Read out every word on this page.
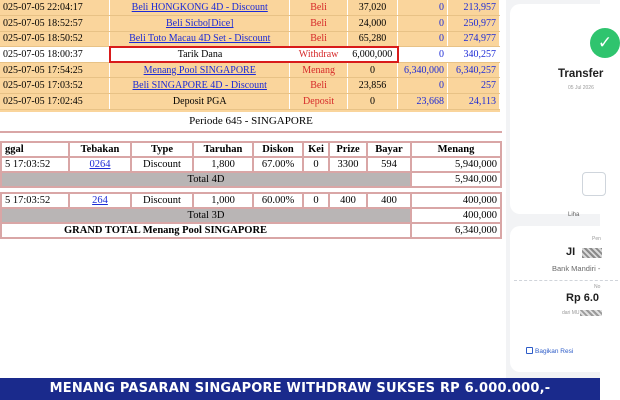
025-07-05 22:04:17	Beli HONGKONG 4D - Discount	Beli	37,020	0	213,957
025-07-05 18:52:57	Beli Sicbo[Dice]	Beli	24,000	0	250,977
025-07-05 18:50:52	Beli Toto Macau 4D Set - Discount	Beli	65,280	0	274,977
025-07-05 18:00:37	Tarik Dana	Withdraw	6,000,000	0	340,257
025-07-05 17:54:25	Menang Pool SINGAPORE	Menang	0	6,340,000	6,340,257
025-07-05 17:03:52	Beli SINGAPORE 4D - Discount	Beli	23,856	0	257
025-07-05 17:02:45	Deposit PGA	Deposit	0	23,668	24,113
Periode 645 - SINGAPORE
ggal	Tebakan	Type	Taruhan	Diskon	Kei	Prize	Bayar	Menang
5 17:03:52	0264	Discount	1,800	67.00%	0	3300	594	5,940,000
Total 4D								5,940,000

5 17:03:52	264	Discount	1,000	60.00%	0	400	400	400,000
Total 3D								400,000
GRAND TOTAL Menang Pool SINGAPORE								6,340,000
✓
Transfer
05 Jul 2026
Liha
Pen
JI
Bank Mandiri -
No
Rp 6.0
dari MU
Bagikan Resi
MENANG PASARAN SINGAPORE WITHDRAW SUKSES RP 6.000.000,-
